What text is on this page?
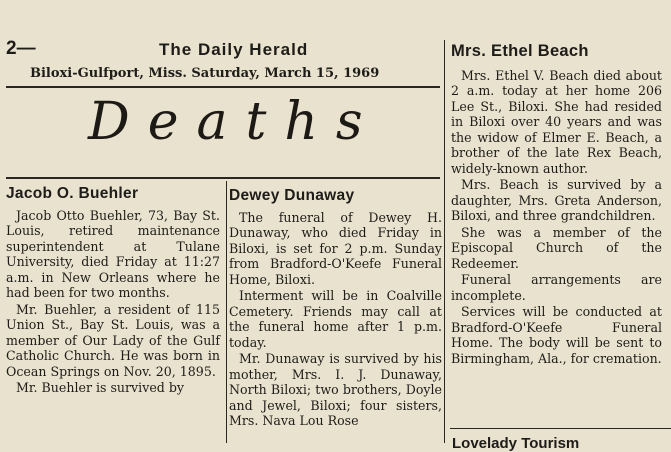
2—	The Daily Herald
Biloxi-Gulfport, Miss. Saturday, March 15, 1969
Deaths
Jacob O. Buehler

Jacob Otto Buehler, 73, Bay St. Louis, retired maintenance superintendent at Tulane University, died Friday at 11:27 a.m. in New Orleans where he had been for two months.

Mr. Buehler, a resident of 115 Union St., Bay St. Louis, was a member of Our Lady of the Gulf Catholic Church. He was born in Ocean Springs on Nov. 20, 1895.

Mr. Buehler is survived by

Dewey Dunaway

The funeral of Dewey H. Dunaway, who died Friday in Biloxi, is set for 2 p.m. Sunday from Bradford-O'Keefe Funeral Home, Biloxi.

Interment will be in Coalville Cemetery. Friends may call at the funeral home after 1 p.m. today.

Mr. Dunaway is survived by his mother, Mrs. I. J. Dunaway, North Biloxi; two brothers, Doyle and Jewel, Biloxi; four sisters, Mrs. Nava Lou Rose

Mrs. Ethel Beach

Mrs. Ethel V. Beach died about 2 a.m. today at her home 206 Lee St., Biloxi. She had resided in Biloxi over 40 years and was the widow of Elmer E. Beach, a brother of the late Rex Beach, widely-known author.

Mrs. Beach is survived by a daughter, Mrs. Greta Anderson, Biloxi, and three grandchildren.

She was a member of the Episcopal Church of the Redeemer.

Funeral arrangements are incomplete.

Services will be conducted at Bradford-O'Keefe Funeral Home. The body will be sent to Birmingham, Ala., for cremation.

Lovelady Tourism
